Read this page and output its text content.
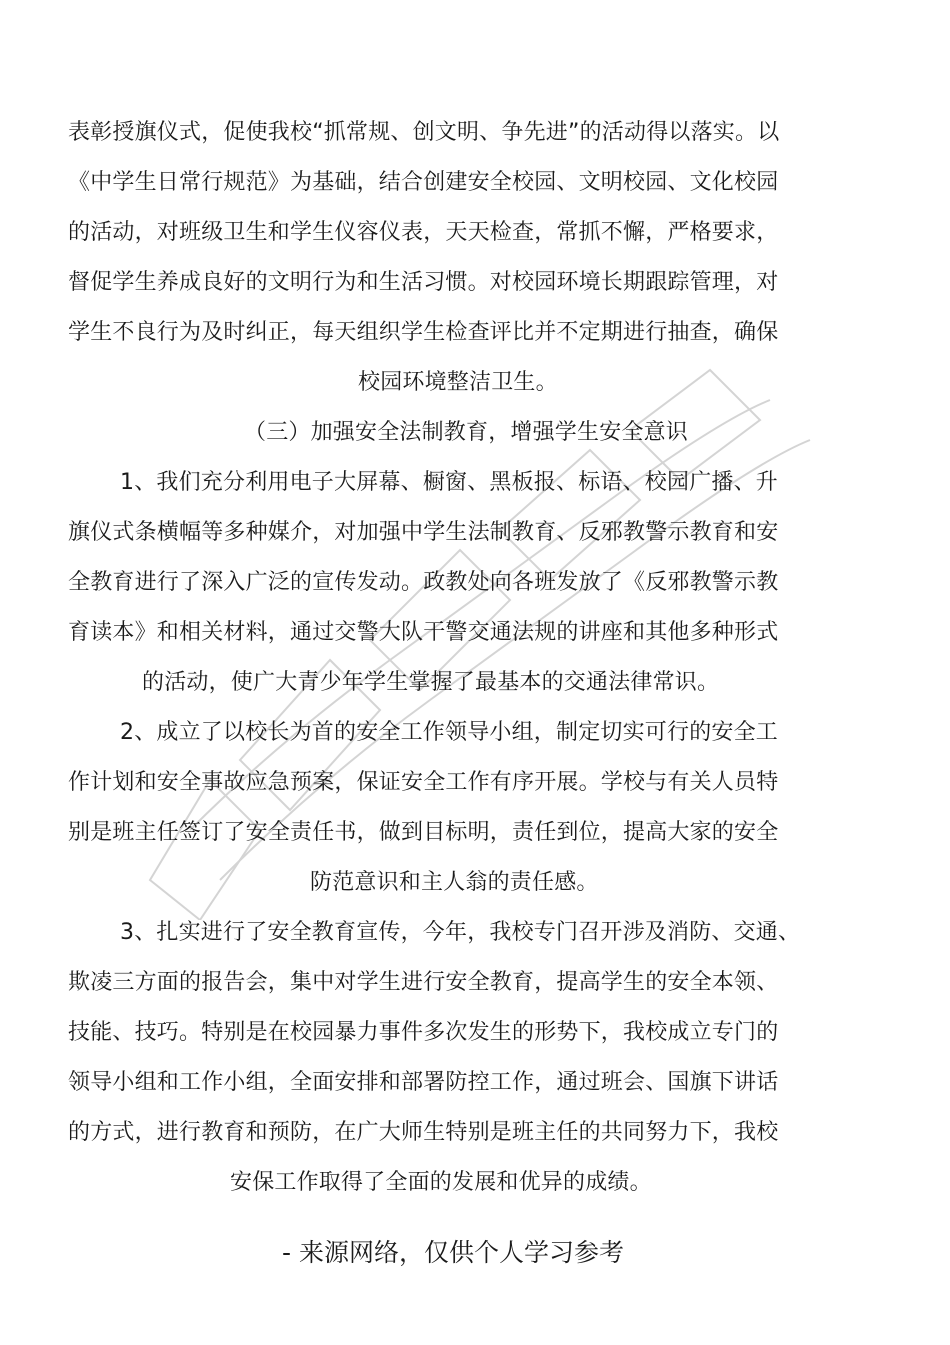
表彰授旗仪式，促使我校“抓常规、创文明、争先进”的活动得以落实。以
《中学生日常行规范》为基础，结合创建安全校园、文明校园、文化校园
的活动，对班级卫生和学生仪容仪表，天天检查，常抓不懈，严格要求，
督促学生养成良好的文明行为和生活习惯。对校园环境长期跟踪管理，对
学生不良行为及时纠正，每天组织学生检查评比并不定期进行抽查，确保
校园环境整洁卫生。
（三）加强安全法制教育，增强学生安全意识
1、我们充分利用电子大屏幕、橱窗、黑板报、标语、校园广播、升
旗仪式条横幅等多种媒介，对加强中学生法制教育、反邪教警示教育和安
全教育进行了深入广泛的宣传发动。政教处向各班发放了《反邪教警示教
育读本》和相关材料，通过交警大队干警交通法规的讲座和其他多种形式
的活动，使广大青少年学生掌握了最基本的交通法律常识。
2、成立了以校长为首的安全工作领导小组，制定切实可行的安全工
作计划和安全事故应急预案，保证安全工作有序开展。学校与有关人员特
别是班主任签订了安全责任书，做到目标明，责任到位，提高大家的安全
防范意识和主人翁的责任感。
3、扎实进行了安全教育宣传，今年，我校专门召开涉及消防、交通、
欺凌三方面的报告会，集中对学生进行安全教育，提高学生的安全本领、
技能、技巧。特别是在校园暴力事件多次发生的形势下，我校成立专门的
领导小组和工作小组，全面安排和部署防控工作，通过班会、国旗下讲话
的方式，进行教育和预防，在广大师生特别是班主任的共同努力下，我校
安保工作取得了全面的发展和优异的成绩。
- 来源网络，仅供个人学习参考
